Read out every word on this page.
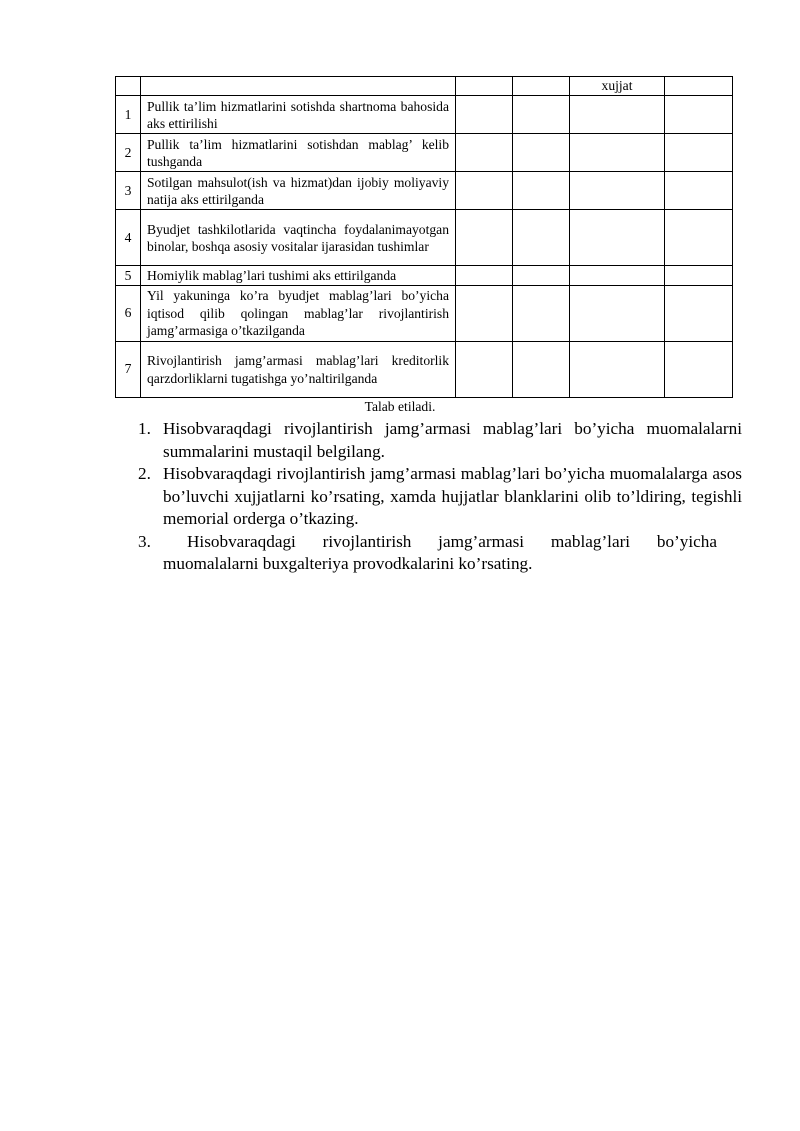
				xujjat	
1	Pullik ta’lim hizmatlarini sotishda shartnoma bahosida aks ettirilishi				
2	Pullik ta’lim hizmatlarini sotishdan mablag’ kelib tushganda				
3	Sotilgan mahsulot(ish va hizmat)dan ijobiy moliyaviy natija aks ettirilganda				
4	Byudjet tashkilotlarida vaqtincha foydalanimayotgan binolar, boshqa asosiy vositalar ijarasidan tushimlar				
5	Homiylik mablag’lari tushimi aks ettirilganda				
6	Yil yakuninga ko’ra byudjet mablag’lari bo’yicha iqtisod qilib qolingan mablag’lar rivojlantirish jamg’armasiga o’tkazilganda				
7	Rivojlantirish jamg’armasi mablag’lari kreditorlik qarzdorliklarni tugatishga yo’naltirilganda				
Talab etiladi.
1. Hisobvaraqdagi rivojlantirish jamg’armasi mablag’lari bo’yicha muomalalarni summalarini mustaqil belgilang.
2. Hisobvaraqdagi rivojlantirish jamg’armasi mablag’lari bo’yicha muomalalarga asos bo’luvchi xujjatlarni ko’rsating, xamda hujjatlar blanklarini olib to’ldiring, tegishli memorial orderga o’tkazing.
3. Hisobvaraqdagi rivojlantirish jamg’armasi mablag’lari bo’yicha muomalalarni buxgalteriya provodkalarini ko’rsating.
